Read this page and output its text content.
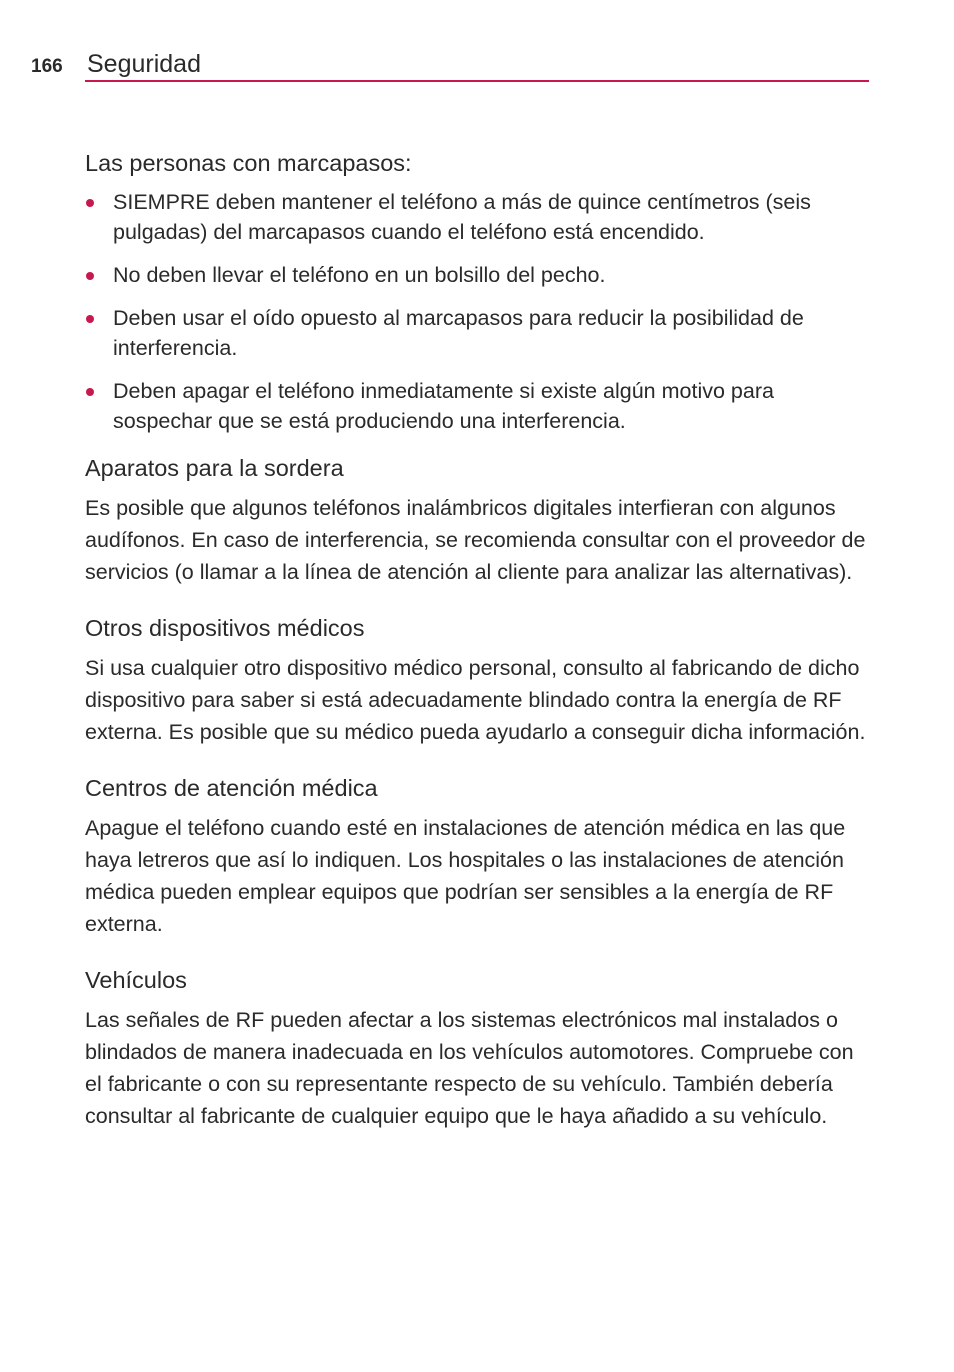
166 Seguridad
Las personas con marcapasos:
SIEMPRE deben mantener el teléfono a más de quince centímetros (seis pulgadas) del marcapasos cuando el teléfono está encendido.
No deben llevar el teléfono en un bolsillo del pecho.
Deben usar el oído opuesto al marcapasos para reducir la posibilidad de interferencia.
Deben apagar el teléfono inmediatamente si existe algún motivo para sospechar que se está produciendo una interferencia.
Aparatos para la sordera

Es posible que algunos teléfonos inalámbricos digitales interfieran con algunos audífonos. En caso de interferencia, se recomienda consultar con el proveedor de servicios (o llamar a la línea de atención al cliente para analizar las alternativas).

Otros dispositivos médicos

Si usa cualquier otro dispositivo médico personal, consulto al fabricando de dicho dispositivo para saber si está adecuadamente blindado contra la energía de RF externa. Es posible que su médico pueda ayudarlo a conseguir dicha información.

Centros de atención médica

Apague el teléfono cuando esté en instalaciones de atención médica en las que haya letreros que así lo indiquen. Los hospitales o las instalaciones de atención médica pueden emplear equipos que podrían ser sensibles a la energía de RF externa.

Vehículos

Las señales de RF pueden afectar a los sistemas electrónicos mal instalados o blindados de manera inadecuada en los vehículos automotores. Compruebe con el fabricante o con su representante respecto de su vehículo. También debería consultar al fabricante de cualquier equipo que le haya añadido a su vehículo.
